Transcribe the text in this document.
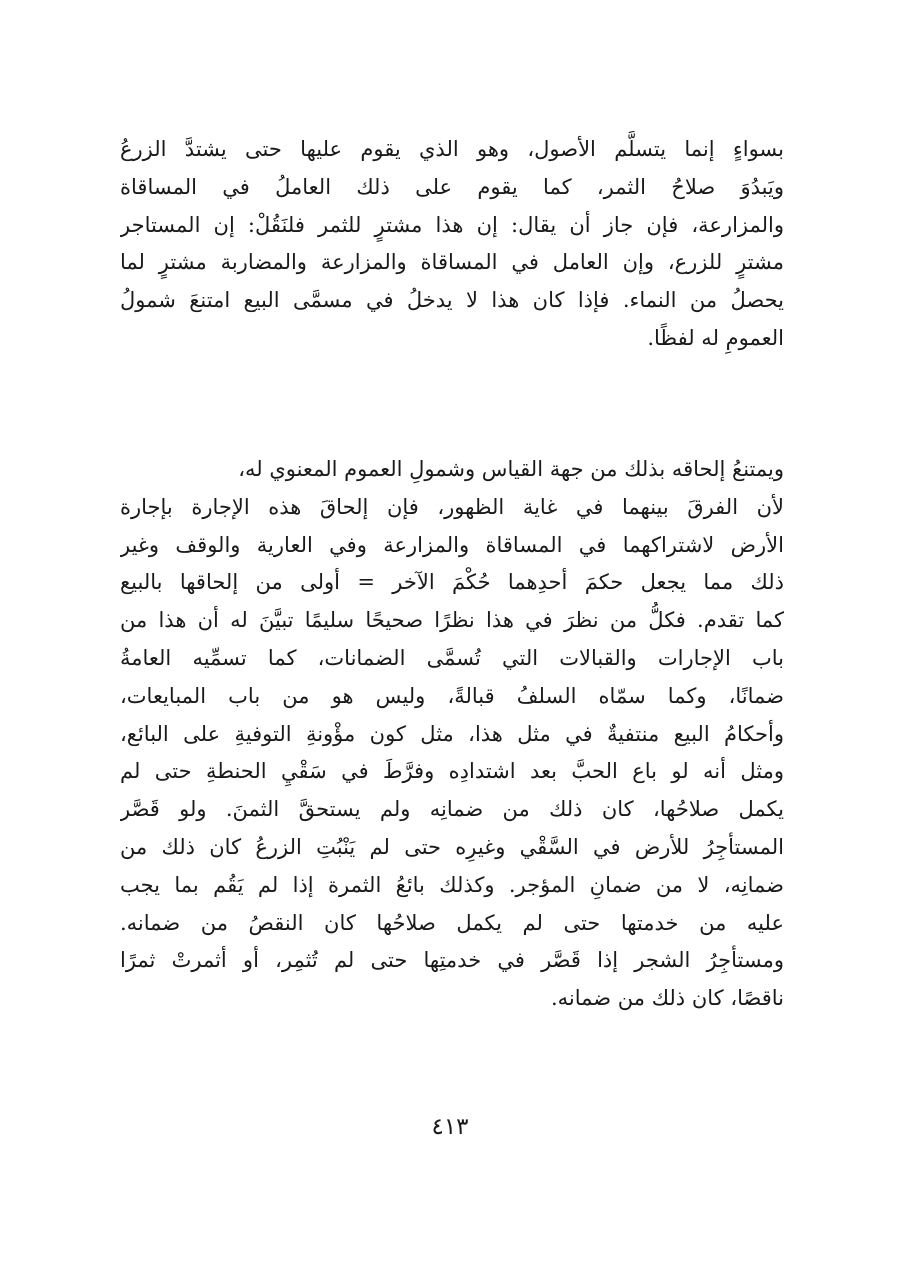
بسواءٍ إنما يتسلَّم الأصول، وهو الذي يقوم عليها حتى يشتدَّ الزرعُ
ويَبدُوَ صلاحُ الثمر، كما يقوم على ذلك العاملُ في المساقاة
والمزارعة، فإن جاز أن يقال: إن هذا مشترٍ للثمر فلنَقُلْ: إن المستاجر
مشترٍ للزرع، وإن العامل في المساقاة والمزارعة والمضاربة مشترٍ لما
يحصلُ من النماء. فإذا كان هذا لا يدخلُ في مسمَّى البيع امتنعَ شمولُ
العمومِ له لفظًا.
ويمتنعُ إلحاقه بذلك من جهة القياس وشمولِ العموم المعنوي له،
لأن الفرقَ بينهما في غاية الظهور، فإن إلحاقَ هذه الإجارة بإجارة
الأرض لاشتراكهما في المساقاة والمزارعة وفي العارية والوقف وغير
ذلك مما يجعل حكمَ أحدِهما حُكْمَ الآخر = أولى من إلحاقها بالبيع
كما تقدم. فكلُّ من نظرَ في هذا نظرًا صحيحًا سليمًا تبيَّنَ له أن هذا من
باب الإجارات والقبالات التي تُسمَّى الضمانات، كما تسمِّيه العامةُ
ضمانًا، وكما سمّاه السلفُ قبالةً، وليس هو من باب المبايعات،
وأحكامُ البيع منتفيةٌ في مثل هذا، مثل كون مؤْونةِ التوفيةِ على البائع،
ومثل أنه لو باع الحبَّ بعد اشتدادِه وفرَّطَ في سَقْيِ الحنطةِ حتى لم
يكمل صلاحُها، كان ذلك من ضمانِه ولم يستحقَّ الثمنَ. ولو قَصَّر
المستأجِرُ للأرض في السَّقْي وغيرِه حتى لم يَنْبُتِ الزرعُ كان ذلك من
ضمانِه، لا من ضمانِ المؤجر. وكذلك بائعُ الثمرة إذا لم يَقُم بما يجب
عليه من خدمتها حتى لم يكمل صلاحُها كان النقصُ من ضمانه.
ومستأجِرُ الشجر إذا قَصَّر في خدمتِها حتى لم تُثمِر، أو أثمرتْ ثمرًا
ناقصًا، كان ذلك من ضمانه.
٤١٣
